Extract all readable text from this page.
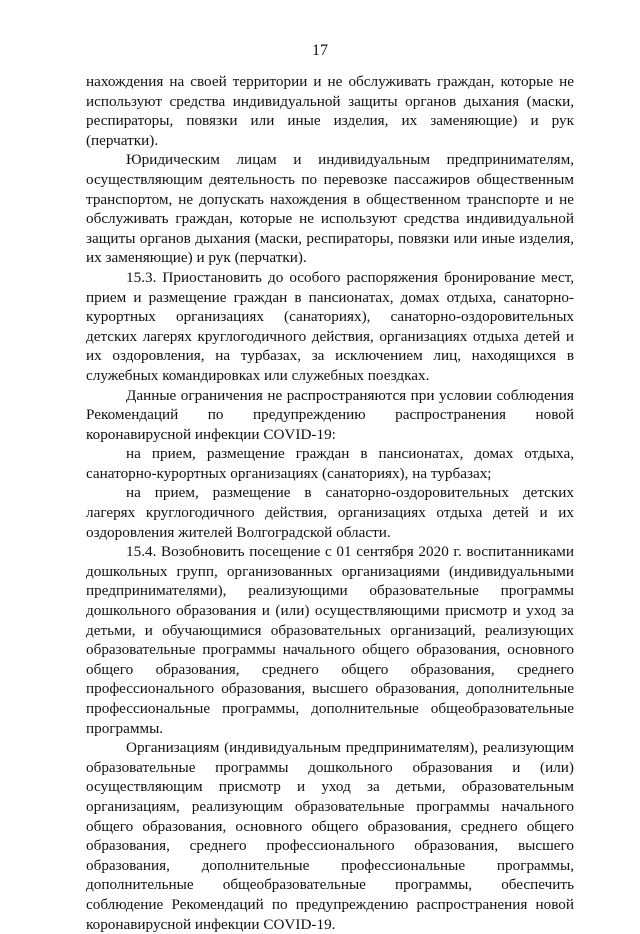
17

нахождения на своей территории и не обслуживать граждан, которые не используют средства индивидуальной защиты органов дыхания (маски, респираторы, повязки или иные изделия, их заменяющие) и рук (перчатки).

Юридическим лицам и индивидуальным предпринимателям, осуществляющим деятельность по перевозке пассажиров общественным транспортом, не допускать нахождения в общественном транспорте и не обслуживать граждан, которые не используют средства индивидуальной защиты органов дыхания (маски, респираторы, повязки или иные изделия, их заменяющие) и рук (перчатки).

15.3. Приостановить до особого распоряжения бронирование мест, прием и размещение граждан в пансионатах, домах отдыха, санаторно-курортных организациях (санаториях), санаторно-оздоровительных детских лагерях круглогодичного действия, организациях отдыха детей и их оздоровления, на турбазах, за исключением лиц, находящихся в служебных командировках или служебных поездках.

Данные ограничения не распространяются при условии соблюдения Рекомендаций по предупреждению распространения новой коронавирусной инфекции COVID-19:

на прием, размещение граждан в пансионатах, домах отдыха, санаторно-курортных организациях (санаториях), на турбазах;

на прием, размещение в санаторно-оздоровительных детских лагерях круглогодичного действия, организациях отдыха детей и их оздоровления жителей Волгоградской области.

15.4. Возобновить посещение с 01 сентября 2020 г. воспитанниками дошкольных групп, организованных организациями (индивидуальными предпринимателями), реализующими образовательные программы дошкольного образования и (или) осуществляющими присмотр и уход за детьми, и обучающимися образовательных организаций, реализующих образовательные программы начального общего образования, основного общего образования, среднего общего образования, среднего профессионального образования, высшего образования, дополнительные профессиональные программы, дополнительные общеобразовательные программы.

Организациям (индивидуальным предпринимателям), реализующим образовательные программы дошкольного образования и (или) осуществляющим присмотр и уход за детьми, образовательным организациям, реализующим образовательные программы начального общего образования, основного общего образования, среднего общего образования, среднего профессионального образования, высшего образования, дополнительные профессиональные программы, дополнительные общеобразовательные программы, обеспечить соблюдение Рекомендаций по предупреждению распространения новой коронавирусной инфекции COVID-19.
